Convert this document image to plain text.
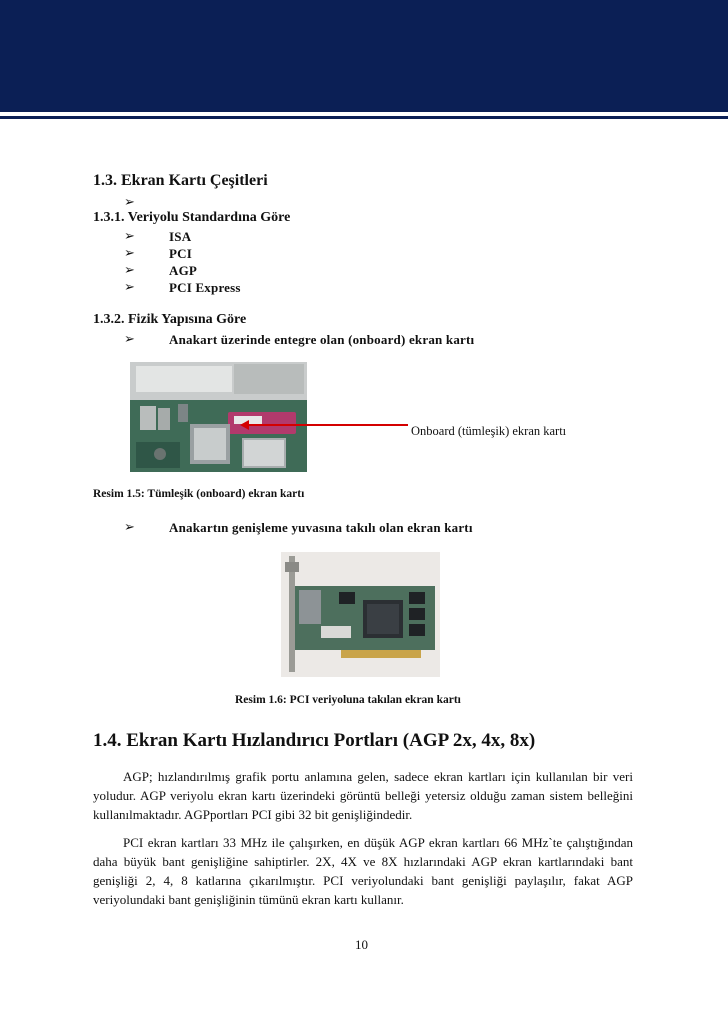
1.3. Ekran Kartı Çeşitleri
➢
1.3.1. Veriyolu Standardına Göre
➢	ISA
➢	PCI
➢	AGP
➢	PCI Express
1.3.2. Fizik Yapısına Göre
➢	Anakart üzerinde entegre olan (onboard) ekran kartı
Onboard (tümleşik) ekran kartı
Resim 1.5: Tümleşik (onboard) ekran kartı
➢	Anakartın genişleme yuvasına takılı olan ekran kartı
Resim 1.6: PCI veriyoluna takılan ekran kartı
1.4. Ekran Kartı Hızlandırıcı Portları (AGP 2x, 4x, 8x)

AGP; hızlandırılmış grafik portu anlamına gelen, sadece ekran kartları için kullanılan bir veri yoludur. AGP veriyolu ekran kartı üzerindeki görüntü belleği yetersiz olduğu zaman sistem belleğini kullanılmaktadır. AGPportları PCI gibi 32 bit genişliğindedir.

PCI ekran kartları 33 MHz ile çalışırken, en düşük AGP ekran kartları 66 MHz`te çalıştığından daha büyük bant genişliğine sahiptirler. 2X, 4X ve 8X hızlarındaki AGP ekran kartlarındaki bant genişliği 2, 4, 8 katlarına çıkarılmıştır. PCI veriyolundaki bant genişliği paylaşılır, fakat AGP veriyolundaki bant genişliğinin tümünü ekran kartı kullanır.

10
